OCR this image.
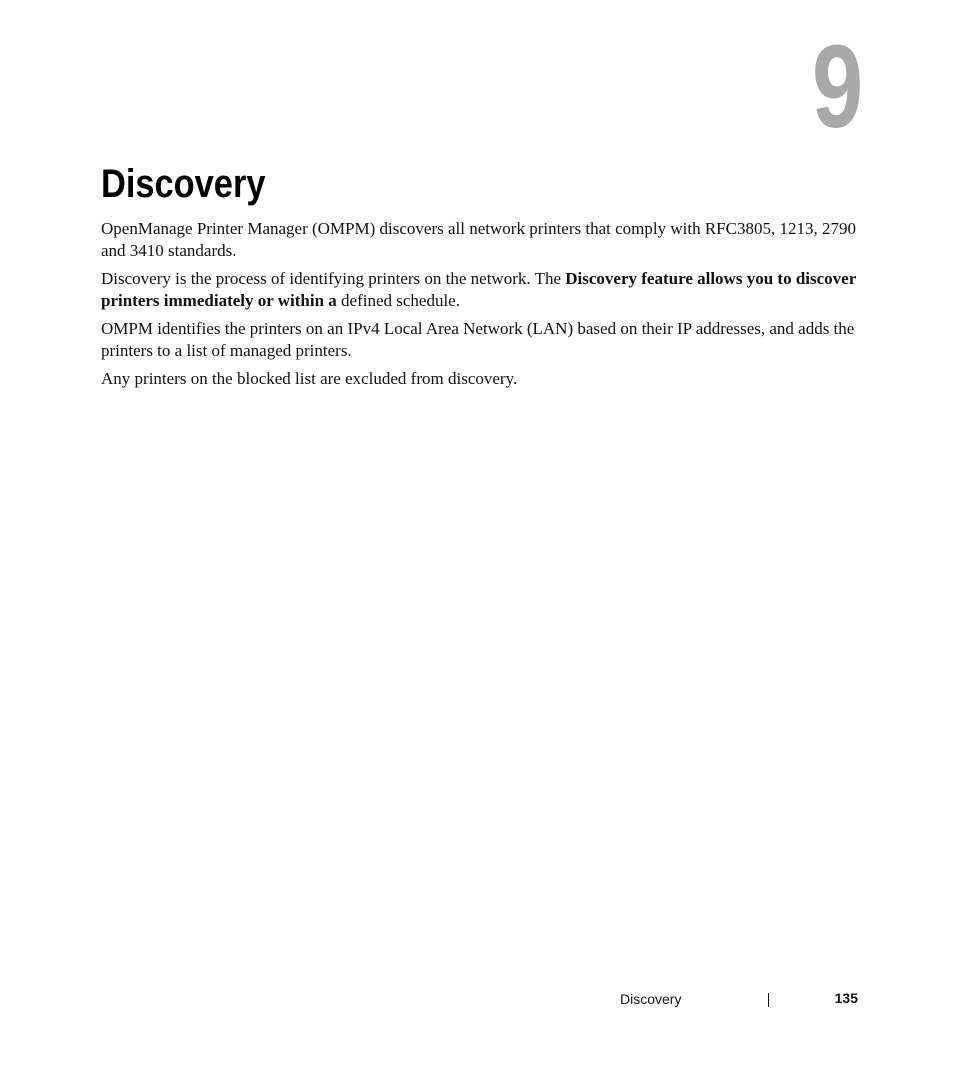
9
Discovery

OpenManage Printer Manager (OMPM) discovers all network printers that comply with RFC3805, 1213, 2790 and 3410 standards.

Discovery is the process of identifying printers on the network. The Discovery feature allows you to discover printers immediately or within a defined schedule.

OMPM identifies the printers on an IPv4 Local Area Network (LAN) based on their IP addresses, and adds the printers to a list of managed printers.

Any printers on the blocked list are excluded from discovery.

Discovery	135
